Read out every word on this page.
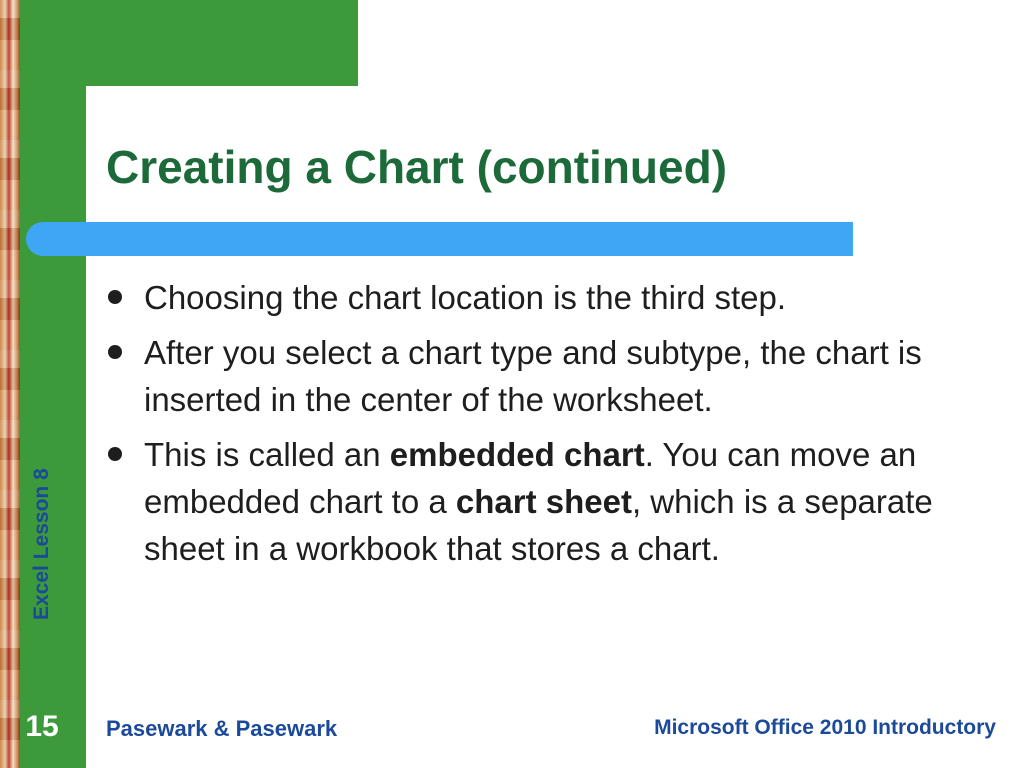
Creating a Chart (continued)
Choosing the chart location is the third step.
After you select a chart type and subtype, the chart is inserted in the center of the worksheet.
This is called an embedded chart. You can move an embedded chart to a chart sheet, which is a separate sheet in a workbook that stores a chart.
Excel Lesson 8
15 Pasewark & Pasewark	Microsoft Office 2010 Introductory
